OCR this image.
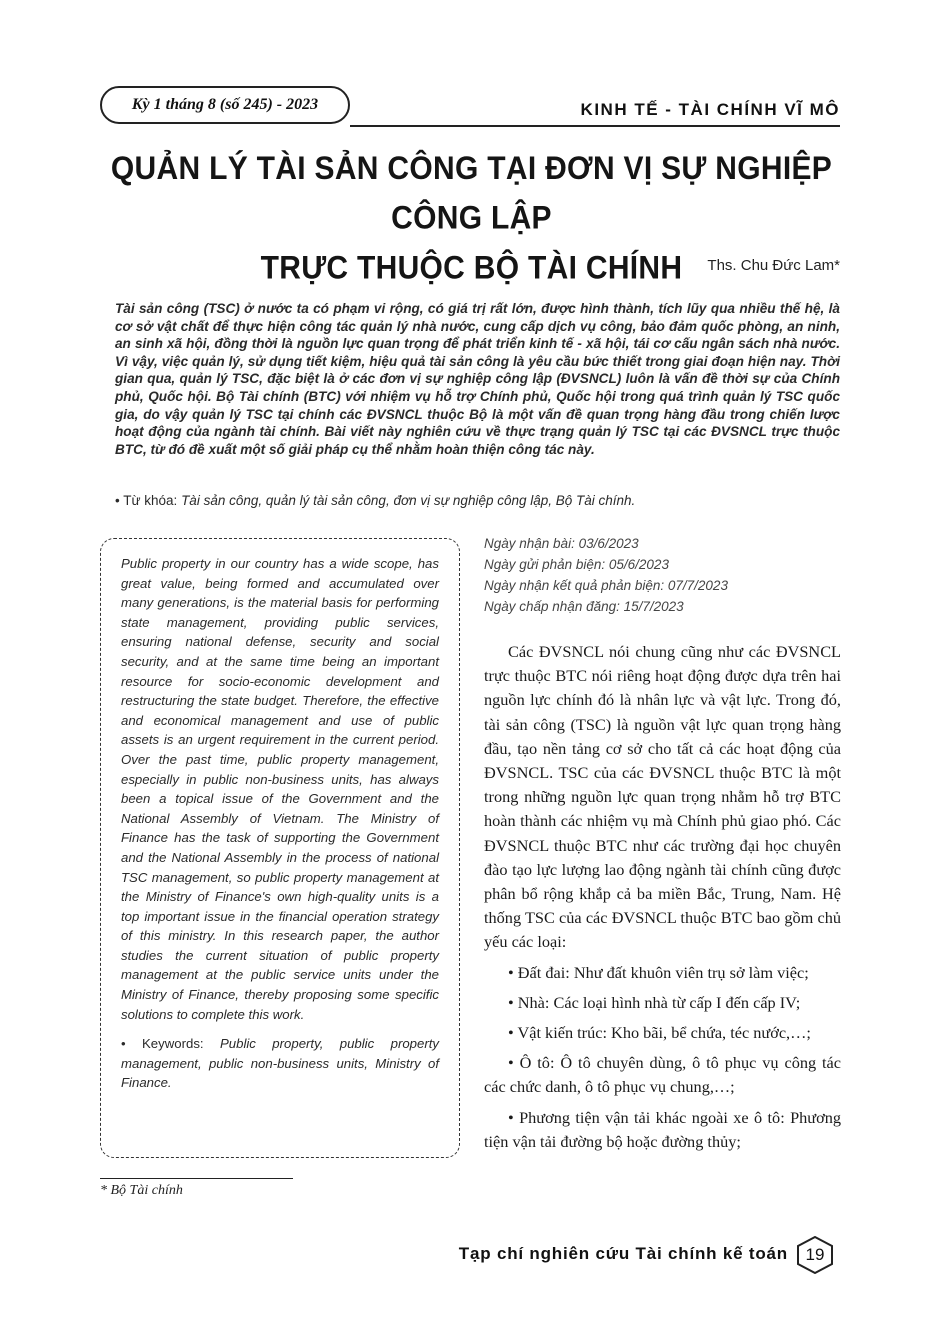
Kỳ 1 tháng 8 (số 245) - 2023	KINH TẾ - TÀI CHÍNH VĨ MÔ
QUẢN LÝ TÀI SẢN CÔNG TẠI ĐƠN VỊ SỰ NGHIỆP CÔNG LẬP
TRỰC THUỘC BỘ TÀI CHÍNH	Ths. Chu Đức Lam*
Tài sản công (TSC) ở nước ta có phạm vi rộng, có giá trị rất lớn, được hình thành, tích lũy qua nhiều thế hệ, là cơ sở vật chất để thực hiện công tác quản lý nhà nước, cung cấp dịch vụ công, bảo đảm quốc phòng, an ninh, an sinh xã hội, đồng thời là nguồn lực quan trọng để phát triển kinh tế - xã hội, tái cơ cấu ngân sách nhà nước. Vì vậy, việc quản lý, sử dụng tiết kiệm, hiệu quả tài sản công là yêu cầu bức thiết trong giai đoạn hiện nay. Thời gian qua, quản lý TSC, đặc biệt là ở các đơn vị sự nghiệp công lập (ĐVSNCL) luôn là vấn đề thời sự của Chính phủ, Quốc hội. Bộ Tài chính (BTC) với nhiệm vụ hỗ trợ Chính phủ, Quốc hội trong quá trình quản lý TSC quốc gia, do vậy quản lý TSC tại chính các ĐVSNCL thuộc Bộ là một vấn đề quan trọng hàng đầu trong chiến lược hoạt động của ngành tài chính. Bài viết này nghiên cứu về thực trạng quản lý TSC tại các ĐVSNCL trực thuộc BTC, từ đó đề xuất một số giải pháp cụ thể nhằm hoàn thiện công tác này.
• Từ khóa: Tài sản công, quản lý tài sản công, đơn vị sự nghiệp công lập, Bộ Tài chính.
Public property in our country has a wide scope, has great value, being formed and accumulated over many generations, is the material basis for performing state management, providing public services, ensuring national defense, security and social security, and at the same time being an important resource for socio-economic development and restructuring the state budget. Therefore, the effective and economical management and use of public assets is an urgent requirement in the current period. Over the past time, public property management, especially in public non-business units, has always been a topical issue of the Government and the National Assembly of Vietnam. The Ministry of Finance has the task of supporting the Government and the National Assembly in the process of national TSC management, so public property management at the Ministry of Finance's own high-quality units is a top important issue in the financial operation strategy of this ministry. In this research paper, the author studies the current situation of public property management at the public service units under the Ministry of Finance, thereby proposing some specific solutions to complete this work.
• Keywords: Public property, public property management, public non-business units, Ministry of Finance.
Ngày nhận bài: 03/6/2023
Ngày gửi phản biện: 05/6/2023
Ngày nhận kết quả phản biện: 07/7/2023
Ngày chấp nhận đăng: 15/7/2023

Các ĐVSNCL nói chung cũng như các ĐVSNCL trực thuộc BTC nói riêng hoạt động được dựa trên hai nguồn lực chính đó là nhân lực và vật lực. Trong đó, tài sản công (TSC) là nguồn vật lực quan trọng hàng đầu, tạo nền tảng cơ sở cho tất cả các hoạt động của ĐVSNCL. TSC của các ĐVSNCL thuộc BTC là một trong những nguồn lực quan trọng nhằm hỗ trợ BTC hoàn thành các nhiệm vụ mà Chính phủ giao phó. Các ĐVSNCL thuộc BTC như các trường đại học chuyên đào tạo lực lượng lao động ngành tài chính cũng được phân bổ rộng khắp cả ba miền Bắc, Trung, Nam. Hệ thống TSC của các ĐVSNCL thuộc BTC bao gồm chủ yếu các loại:

• Đất đai: Như đất khuôn viên trụ sở làm việc;

• Nhà: Các loại hình nhà từ cấp I đến cấp IV;

• Vật kiến trúc: Kho bãi, bể chứa, téc nước,…;

• Ô tô: Ô tô chuyên dùng, ô tô phục vụ công tác các chức danh, ô tô phục vụ chung,…;

• Phương tiện vận tải khác ngoài xe ô tô: Phương tiện vận tải đường bộ hoặc đường thủy;

* Bộ Tài chính
Tạp chí nghiên cứu Tài chính kế toán	19
